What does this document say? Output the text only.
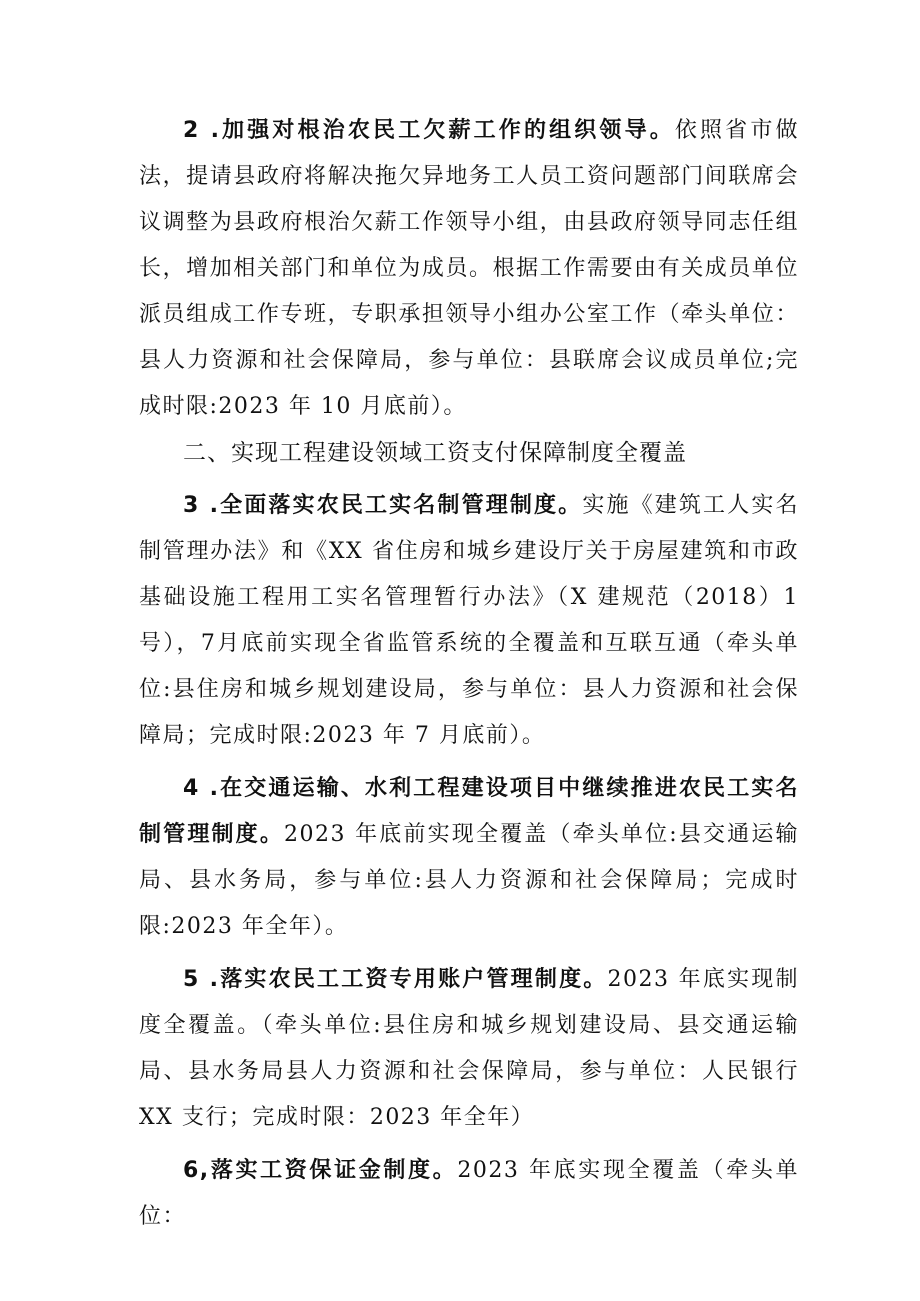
2 .加强对根治农民工欠薪工作的组织领导。依照省市做法，提请县政府将解决拖欠异地务工人员工资问题部门间联席会议调整为县政府根治欠薪工作领导小组，由县政府领导同志任组长，增加相关部门和单位为成员。根据工作需要由有关成员单位派员组成工作专班，专职承担领导小组办公室工作（牵头单位：县人力资源和社会保障局，参与单位：县联席会议成员单位;完成时限:2023 年 10 月底前）。

二、实现工程建设领域工资支付保障制度全覆盖

3 .全面落实农民工实名制管理制度。实施《建筑工人实名制管理办法》和《XX 省住房和城乡建设厅关于房屋建筑和市政基础设施工程用工实名管理暂行办法》（X 建规范（2018）1 号），7月底前实现全省监管系统的全覆盖和互联互通（牵头单位:县住房和城乡规划建设局，参与单位：县人力资源和社会保障局；完成时限:2023 年 7 月底前）。

4 .在交通运输、水利工程建设项目中继续推进农民工实名制管理制度。2023 年底前实现全覆盖（牵头单位:县交通运输局、县水务局，参与单位:县人力资源和社会保障局；完成时限:2023 年全年）。

5 .落实农民工工资专用账户管理制度。2023 年底实现制度全覆盖。（牵头单位:县住房和城乡规划建设局、县交通运输局、县水务局县人力资源和社会保障局，参与单位：人民银行 XX 支行；完成时限：2023 年全年）

6,落实工资保证金制度。2023 年底实现全覆盖（牵头单位：
